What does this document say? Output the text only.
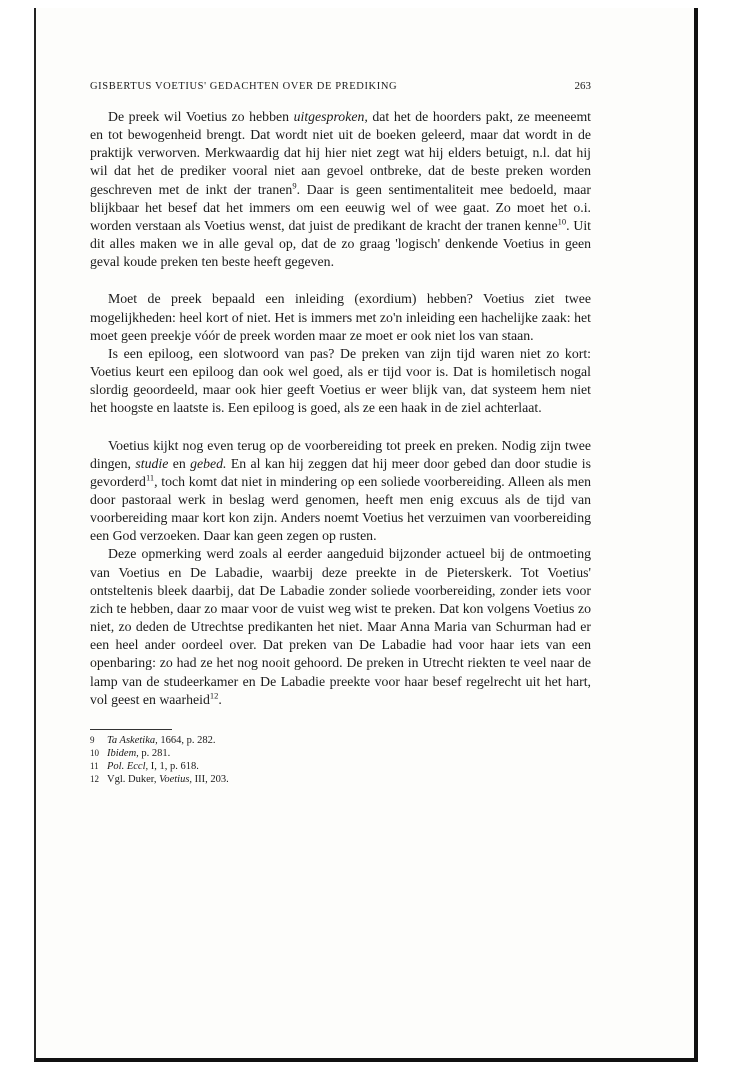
GISBERTUS VOETIUS' GEDACHTEN OVER DE PREDIKING	263

De preek wil Voetius zo hebben uitgesproken, dat het de hoorders pakt, ze meeneemt en tot bewogenheid brengt. Dat wordt niet uit de boeken geleerd, maar dat wordt in de praktijk verworven. Merkwaardig dat hij hier niet zegt wat hij elders betuigt, n.l. dat hij wil dat het de prediker vooral niet aan gevoel ontbreke, dat de beste preken worden geschreven met de inkt der tranen$^9$. Daar is geen sentimentaliteit mee bedoeld, maar blijkbaar het besef dat het immers om een eeuwig wel of wee gaat. Zo moet het o.i. worden verstaan als Voetius wenst, dat juist de predikant de kracht der tranen kenne$^{10}$. Uit dit alles maken we in alle geval op, dat de zo graag 'logisch' denkende Voetius in geen geval koude preken ten beste heeft gegeven.

Moet de preek bepaald een inleiding (exordium) hebben? Voetius ziet twee mogelijkheden: heel kort of niet. Het is immers met zo'n inleiding een hachelijke zaak: het moet geen preekje vóór de preek worden maar ze moet er ook niet los van staan.

Is een epiloog, een slotwoord van pas? De preken van zijn tijd waren niet zo kort: Voetius keurt een epiloog dan ook wel goed, als er tijd voor is. Dat is homiletisch nogal slordig geoordeeld, maar ook hier geeft Voetius er weer blijk van, dat systeem hem niet het hoogste en laatste is. Een epiloog is goed, als ze een haak in de ziel achterlaat.

Voetius kijkt nog even terug op de voorbereiding tot preek en preken. Nodig zijn twee dingen, studie en gebed. En al kan hij zeggen dat hij meer door gebed dan door studie is gevorderd$^{11}$, toch komt dat niet in mindering op een soliede voorbereiding. Alleen als men door pastoraal werk in beslag werd genomen, heeft men enig excuus als de tijd van voorbereiding maar kort kon zijn. Anders noemt Voetius het verzuimen van voorbereiding een God verzoeken. Daar kan geen zegen op rusten.

Deze opmerking werd zoals al eerder aangeduid bijzonder actueel bij de ontmoeting van Voetius en De Labadie, waarbij deze preekte in de Pieterskerk. Tot Voetius' ontsteltenis bleek daarbij, dat De Labadie zonder soliede voorbereiding, zonder iets voor zich te hebben, daar zo maar voor de vuist weg wist te preken. Dat kon volgens Voetius zo niet, zo deden de Utrechtse predikanten het niet. Maar Anna Maria van Schurman had er een heel ander oordeel over. Dat preken van De Labadie had voor haar iets van een openbaring: zo had ze het nog nooit gehoord. De preken in Utrecht riekten te veel naar de lamp van de studeerkamer en De Labadie preekte voor haar besef regelrecht uit het hart, vol geest en waarheid$^{12}$.

9	Ta Asketika, 1664, p. 282.
10 Ibidem, p. 281.
11 Pol. Eccl, I, 1, p. 618.
12 Vgl. Duker, Voetius, III, 203.
